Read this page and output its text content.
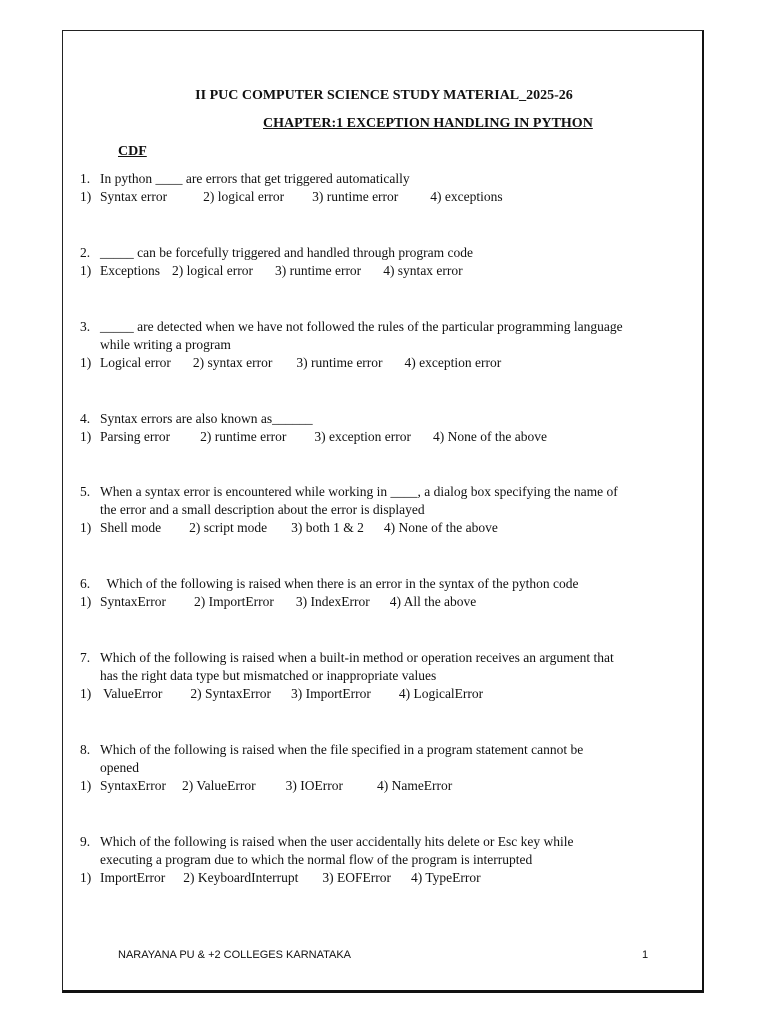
II PUC COMPUTER SCIENCE STUDY MATERIAL_2025-26
CHAPTER:1 EXCEPTION HANDLING IN PYTHON
CDF
1. In python ____ are errors that get triggered automatically
1) Syntax error	2) logical error 3) runtime error 4) exceptions
2. _____ can be forcefully triggered and handled through program code
1) Exceptions 2) logical error 3) runtime error 4) syntax error
3. _____ are detected when we have not followed the rules of the particular programming language
while writing a program
1) Logical error 2) syntax error 3) runtime error 4) exception error
4. Syntax errors are also known as______
1) Parsing error 2) runtime error 3) exception error 4) None of the above
5. When a syntax error is encountered while working in ____, a dialog box specifying the name of
the error and a small description about the error is displayed
1) Shell mode 2) script mode 3) both 1 & 2 4) None of the above
6. Which of the following is raised when there is an error in the syntax of the python code
1) SyntaxError 2) ImportError 3) IndexError 4) All the above
7. Which of the following is raised when a built-in method or operation receives an argument that
has the right data type but mismatched or inappropriate values
1) ValueError 2) SyntaxError 3) ImportError 4) LogicalError
8. Which of the following is raised when the file specified in a program statement cannot be
opened
1) SyntaxError 2) ValueError 3) IOError	4) NameError
9. Which of the following is raised when the user accidentally hits delete or Esc key while
executing a program due to which the normal flow of the program is interrupted
1) ImportError 2) KeyboardInterrupt 3) EOFError 4) TypeError
NARAYANA PU & +2 COLLEGES KARNATAKA	1
